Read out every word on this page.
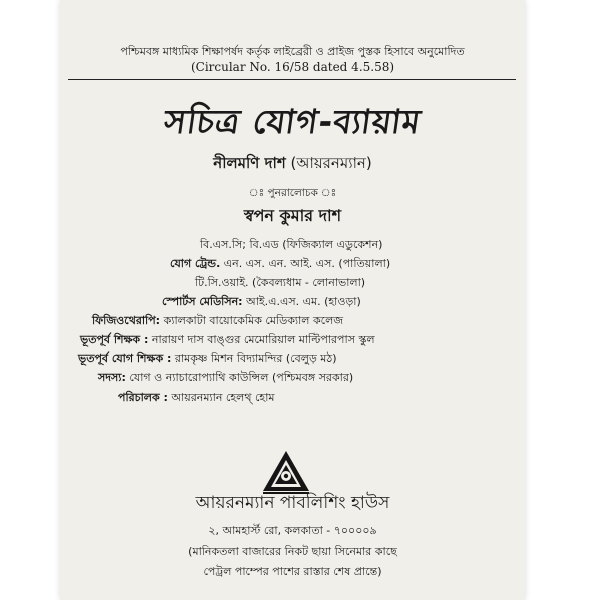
পশ্চিমবঙ্গ মাধ্যমিক শিক্ষাপর্ষদ কর্তৃক লাইব্রেরী ও প্রাইজ পুস্তক হিসাবে অনুমোদিত
(Circular No. 16/58 dated 4.5.58)
সচিত্র যোগ-ব্যায়াম
নীলমণি দাশ (আয়রনম্যান)
ঃ পুনরালোচক ঃ
স্বপন কুমার দাশ
বি.এস.সি; বি.এড (ফিজিক্যাল এডুকেশন)
যোগ ট্রেন্ড. এন. এস. এন. আই. এস. (পাতিয়ালা)
টি.সি.ওয়াই. (কৈবল্যধাম - লোনাভালা)
স্পোর্টস মেডিসিন: আই.এ.এস. এম. (হাওড়া)
ফিজিওথেরাপি: ক্যালকাটা বায়োকেমিক মেডিক্যাল কলেজ
ভূতপূর্ব শিক্ষক : নারায়ণ দাস বাঙ্গুর মেমোরিয়াল মাল্টিপারপাস স্কুল
ভূতপূর্ব যোগ শিক্ষক : রামকৃষ্ণ মিশন বিদ্যামন্দির (বেলুড় মঠ)
সদস্য: যোগ ও ন্যাচারোপ্যাথি কাউন্সিল (পশ্চিমবঙ্গ সরকার)
পরিচালক : আয়রনম্যান হেলথ্ হোম
আয়রনম্যান পাবলিশিং হাউস
২, আমহার্স্ট রো, কলকাতা - ৭০০০০৯
(মানিকতলা বাজারের নিকট ছায়া সিনেমার কাছে
পেট্রল পাম্পের পাশের রাস্তার শেষ প্রান্তে)
